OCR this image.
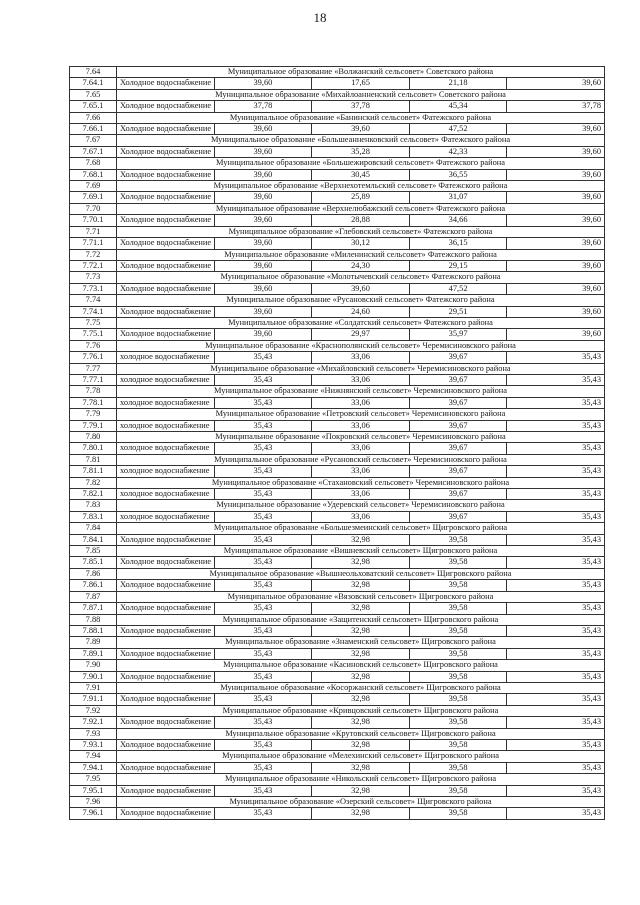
18
7.64	Муниципальное образование «Волжанский сельсовет» Советского района				
7.64.1	Холодное водоснабжение	39,60	17,65	21,18	39,60
7.65	Муниципальное образование «Михайлоанненский сельсовет» Советского района				
7.65.1	Холодное водоснабжение	37,78	37,78	45,34	37,78
7.66	Муниципальное образование «Банинский сельсовет» Фатежского района				
7.66.1	Холодное водоснабжение	39,60	39,60	47,52	39,60
7.67	Муниципальное образование «Большеанненковский сельсовет» Фатежского района				
7.67.1	Холодное водоснабжение	39,60	35,28	42,33	39,60
7.68	Муниципальное образование «Большежировский сельсовет» Фатежского района				
7.68.1	Холодное водоснабжение	39,60	30,45	36,55	39,60
7.69	Муниципальное образование «Верхнехотемльский сельсовет» Фатежского района				
7.69.1	Холодное водоснабжение	39,60	25,89	31,07	39,60
7.70	Муниципальное образование «Верхнелюбажский сельсовет» Фатежского района				
7.70.1	Холодное водоснабжение	39,60	28,88	34,66	39,60
7.71	Муниципальное образование «Глебовский сельсовет» Фатежского района				
7.71.1	Холодное водоснабжение	39,60	30,12	36,15	39,60
7.72	Муниципальное образование «Миленинский сельсовет» Фатежского района				
7.72.1	Холодное водоснабжение	39,60	24,30	29,15	39,60
7.73	Муниципальное образование «Молотычевский сельсовет» Фатежского района				
7.73.1	Холодное водоснабжение	39,60	39,60	47,52	39,60
7.74	Муниципальное образование «Русановский сельсовет» Фатежского района				
7.74.1	Холодное водоснабжение	39,60	24,60	29,51	39,60
7.75	Муниципальное образование «Солдатский сельсовет» Фатежского района				
7.75.1	Холодное водоснабжение	39,60	29,97	35,97	39,60
7.76	Муниципальное образование «Краснополянский сельсовет» Черемисиновского района				
7.76.1	холодное водоснабжение	35,43	33,06	39,67	35,43
7.77	Муниципальное образование «Михайловский сельсовет» Черемисиновского района				
7.77.1	холодное водоснабжение	35,43	33,06	39,67	35,43
7.78	Муниципальное образование «Нижнянский сельсовет» Черемисиновского района				
7.78.1	холодное водоснабжение	35,43	33,06	39,67	35,43
7.79	Муниципальное образование «Петровский сельсовет» Черемисиновского района				
7.79.1	холодное водоснабжение	35,43	33,06	39,67	35,43
7.80	Муниципальное образование «Покровский сельсовет» Черемисиновского района				
7.80.1	холодное водоснабжение	35,43	33,06	39,67	35,43
7.81	Муниципальное образование «Русановский сельсовет» Черемисиновского района				
7.81.1	холодное водоснабжение	35,43	33,06	39,67	35,43
7.82	Муниципальное образование «Стахановский сельсовет» Черемисиновского района				
7.82.1	холодное водоснабжение	35,43	33,06	39,67	35,43
7.83	Муниципальное образование «Удеревский сельсовет» Черемисиновского района				
7.83.1	холодное водоснабжение	35,43	33,06	39,67	35,43
7.84	Муниципальное образование «Большезмеинский сельсовет» Щигровского района				
7.84.1	Холодное водоснабжение	35,43	32,98	39,58	35,43
7.85	Муниципальное образование «Вишневский сельсовет» Щигровского района				
7.85.1	Холодное водоснабжение	35,43	32,98	39,58	35,43
7.86	Муниципальное образование «Вышнеольховатский сельсовет» Щигровского района				
7.86.1	Холодное водоснабжение	35,43	32,98	39,58	35,43
7.87	Муниципальное образование «Вязовский сельсовет» Щигровского района				
7.87.1	Холодное водоснабжение	35,43	32,98	39,58	35,43
7.88	Муниципальное образование «Защитенский сельсовет» Щигровского района				
7.88.1	Холодное водоснабжение	35,43	32,98	39,58	35,43
7.89	Муниципальное образование «Знаменский сельсовет» Щигровского района				
7.89.1	Холодное водоснабжение	35,43	32,98	39,58	35,43
7.90	Муниципальное образование «Касиновский сельсовет» Щигровского района				
7.90.1	Холодное водоснабжение	35,43	32,98	39,58	35,43
7.91	Муниципальное образование «Косоржанский сельсовет» Щигровского района				
7.91.1	Холодное водоснабжение	35,43	32,98	39,58	35,43
7.92	Муниципальное образование «Кривцовский сельсовет» Щигровского района				
7.92.1	Холодное водоснабжение	35,43	32,98	39,58	35,43
7.93	Муниципальное образование «Крутовский сельсовет» Щигровского района				
7.93.1	Холодное водоснабжение	35,43	32,98	39,58	35,43
7.94	Муниципальное образование «Мелехинский сельсовет» Щигровского района				
7.94.1	Холодное водоснабжение	35,43	32,98	39,58	35,43
7.95	Муниципальное образование «Никольский сельсовет» Щигровского района				
7.95.1	Холодное водоснабжение	35,43	32,98	39,58	35,43
7.96	Муниципальное образование «Озерский сельсовет» Щигровского района				
7.96.1	Холодное водоснабжение	35,43	32,98	39,58	35,43
